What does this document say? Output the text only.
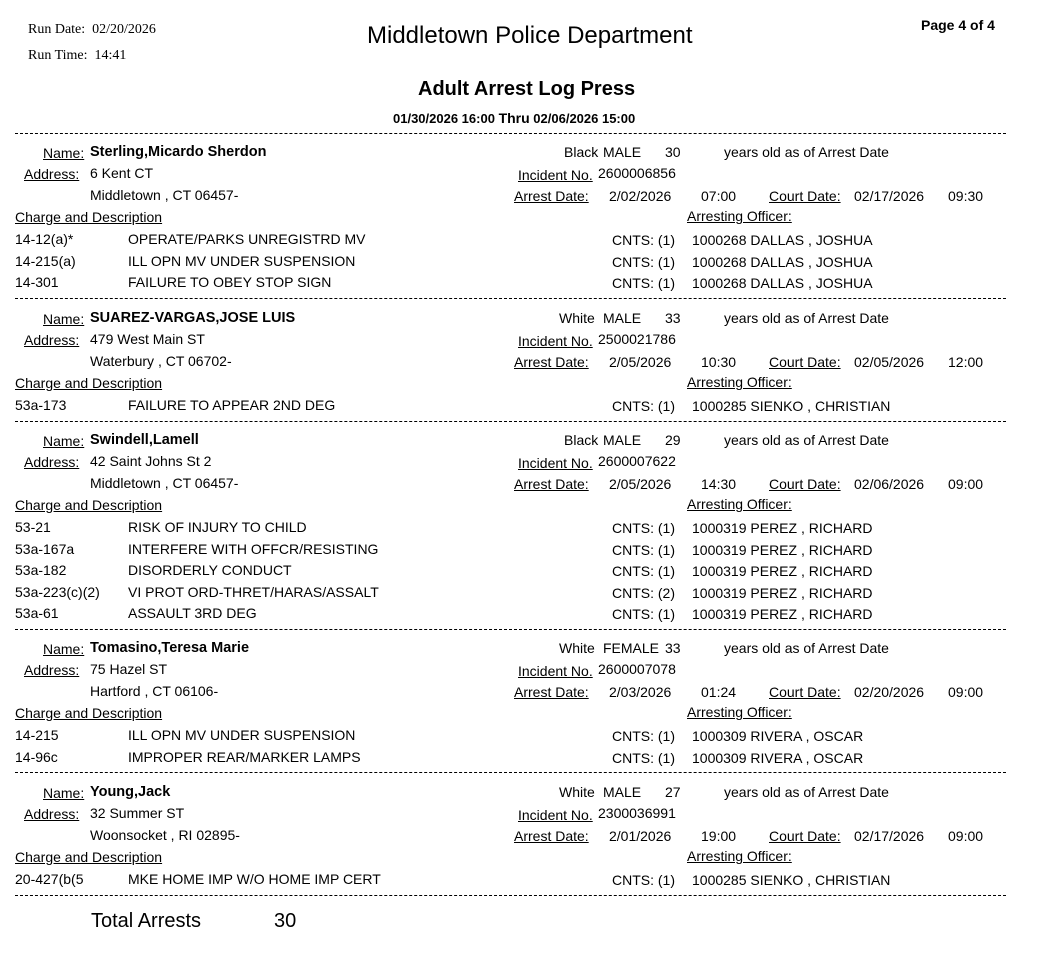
Run Date: 02/20/2026
Run Time: 14:41
Middletown Police Department	Page 4 of 4
Adult Arrest Log Press
01/30/2026 16:00 Thru 02/06/2026 15:00
Name: Sterling,Micardo Sherdon
Address: 6 Kent CT
Middletown , CT 06457-
Charge and Description
Black MALE 30	years old as of Arrest Date
Incident No. 2600006856
Arrest Date: 2/02/2026 07:00 Court Date: 02/17/2026 09:30
Arresting Officer:
14-12(a)*	OPERATE/PARKS UNREGISTRD MV	CNTS: (1) 1000268 DALLAS , JOSHUA
14-215(a)	ILL OPN MV UNDER SUSPENSION	CNTS: (1) 1000268 DALLAS , JOSHUA
14-301	FAILURE TO OBEY STOP SIGN	CNTS: (1) 1000268 DALLAS , JOSHUA
Name: SUAREZ-VARGAS,JOSE LUIS
Address: 479 West Main ST
Waterbury , CT 06702-
Charge and Description
White MALE 33	years old as of Arrest Date
Incident No. 2500021786
Arrest Date: 2/05/2026 10:30 Court Date: 02/05/2026 12:00
Arresting Officer:
53a-173	FAILURE TO APPEAR 2ND DEG	CNTS: (1) 1000285 SIENKO , CHRISTIAN
Name: Swindell,Lamell
Address: 42 Saint Johns St 2
Middletown , CT 06457-
Charge and Description
Black MALE 29	years old as of Arrest Date
Incident No. 2600007622
Arrest Date: 2/05/2026 14:30 Court Date: 02/06/2026 09:00
Arresting Officer:
53-21	RISK OF INJURY TO CHILD	CNTS: (1) 1000319 PEREZ , RICHARD
53a-167a	INTERFERE WITH OFFCR/RESISTING	CNTS: (1) 1000319 PEREZ , RICHARD
53a-182	DISORDERLY CONDUCT	CNTS: (1) 1000319 PEREZ , RICHARD
53a-223(c)(2) VI PROT ORD-THRET/HARAS/ASSALT	CNTS: (2) 1000319 PEREZ , RICHARD
53a-61	ASSAULT 3RD DEG	CNTS: (1) 1000319 PEREZ , RICHARD
Name: Tomasino,Teresa Marie
Address: 75 Hazel ST
Hartford , CT 06106-
Charge and Description
White FEMALE 33	years old as of Arrest Date
Incident No. 2600007078
Arrest Date: 2/03/2026 01:24 Court Date: 02/20/2026 09:00
Arresting Officer:
14-215	ILL OPN MV UNDER SUSPENSION	CNTS: (1) 1000309 RIVERA , OSCAR
14-96c	IMPROPER REAR/MARKER LAMPS	CNTS: (1) 1000309 RIVERA , OSCAR
Name: Young,Jack
Address: 32 Summer ST
Woonsocket , RI 02895-
Charge and Description
White MALE 27	years old as of Arrest Date
Incident No. 2300036991
Arrest Date: 2/01/2026 19:00 Court Date: 02/17/2026 09:00
Arresting Officer:
20-427(b(5	MKE HOME IMP W/O HOME IMP CERT	CNTS: (1) 1000285 SIENKO , CHRISTIAN
Total Arrests	30
